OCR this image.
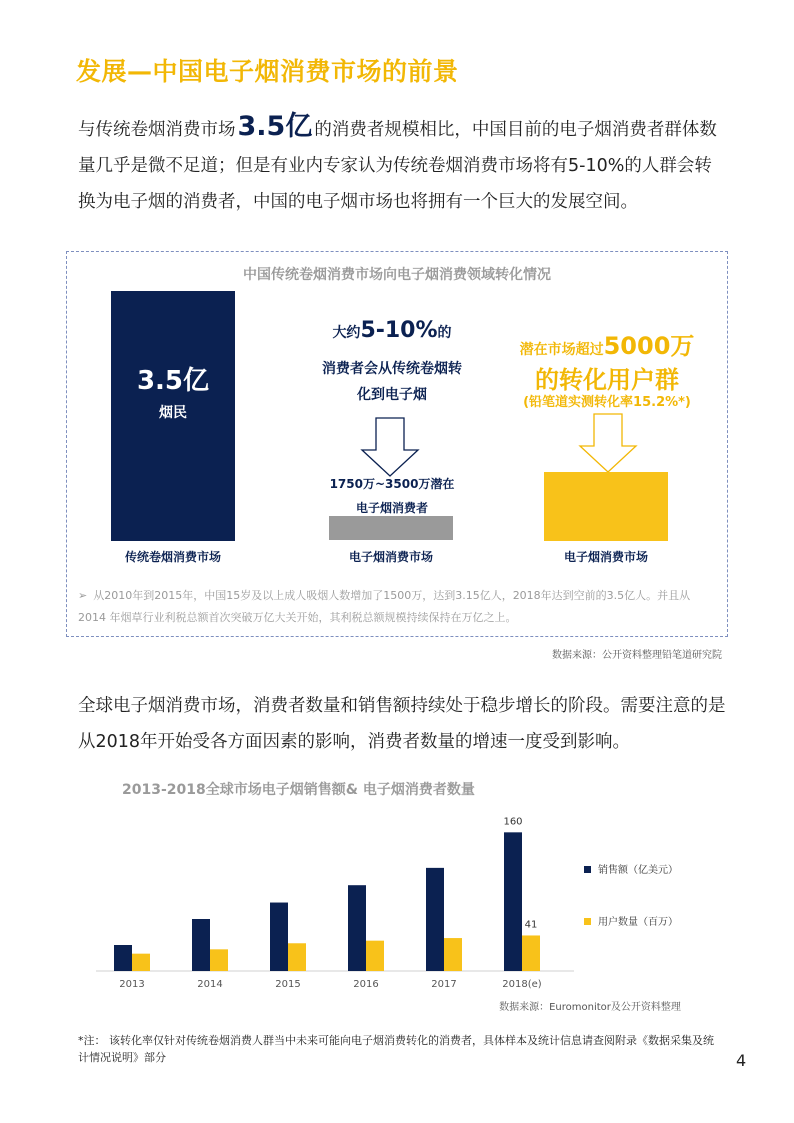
发展—中国电子烟消费市场的前景
与传统卷烟消费市场3.5亿 的消费者规模相比，中国目前的电子烟消费者群体数量几乎是微不足道；但是有业内专家认为传统卷烟消费市场将有5-10%的人群会转换为电子烟的消费者，中国的电子烟市场也将拥有一个巨大的发展空间。
中国传统卷烟消费市场向电子烟消费领域转化情况
3.5亿
烟民
传统卷烟消费市场
大约5-10%的
消费者会从传统卷烟转
化到电子烟
1750万~3500万潜在
电子烟消费者
电子烟消费市场
潜在市场超过5000万
的转化用户群
(铅笔道实测转化率15.2%*)
电子烟消费市场
➢ 从2010年到2015年，中国15岁及以上成人吸烟人数增加了1500万，达到3.15亿人，2018年达到空前的3.5亿人。并且从2014 年烟草行业利税总额首次突破万亿大关开始，其利税总额规模持续保持在万亿之上。
数据来源：公开资料整理铅笔道研究院
全球电子烟消费市场，消费者数量和销售额持续处于稳步增长的阶段。需要注意的是从2018年开始受各方面因素的影响，消费者数量的增速一度受到影响。
2013-2018全球市场电子烟销售额& 电子烟消费者数量
2013	2014	2015	2016	2017	2018(e)
160
41
销售额（亿美元）
用户数量（百万）
数据来源：Euromonitor及公开资料整理
*注： 该转化率仅针对传统卷烟消费人群当中未来可能向电子烟消费转化的消费者，具体样本及统计信息请查阅附录《数据采集及统计情况说明》部分	4
